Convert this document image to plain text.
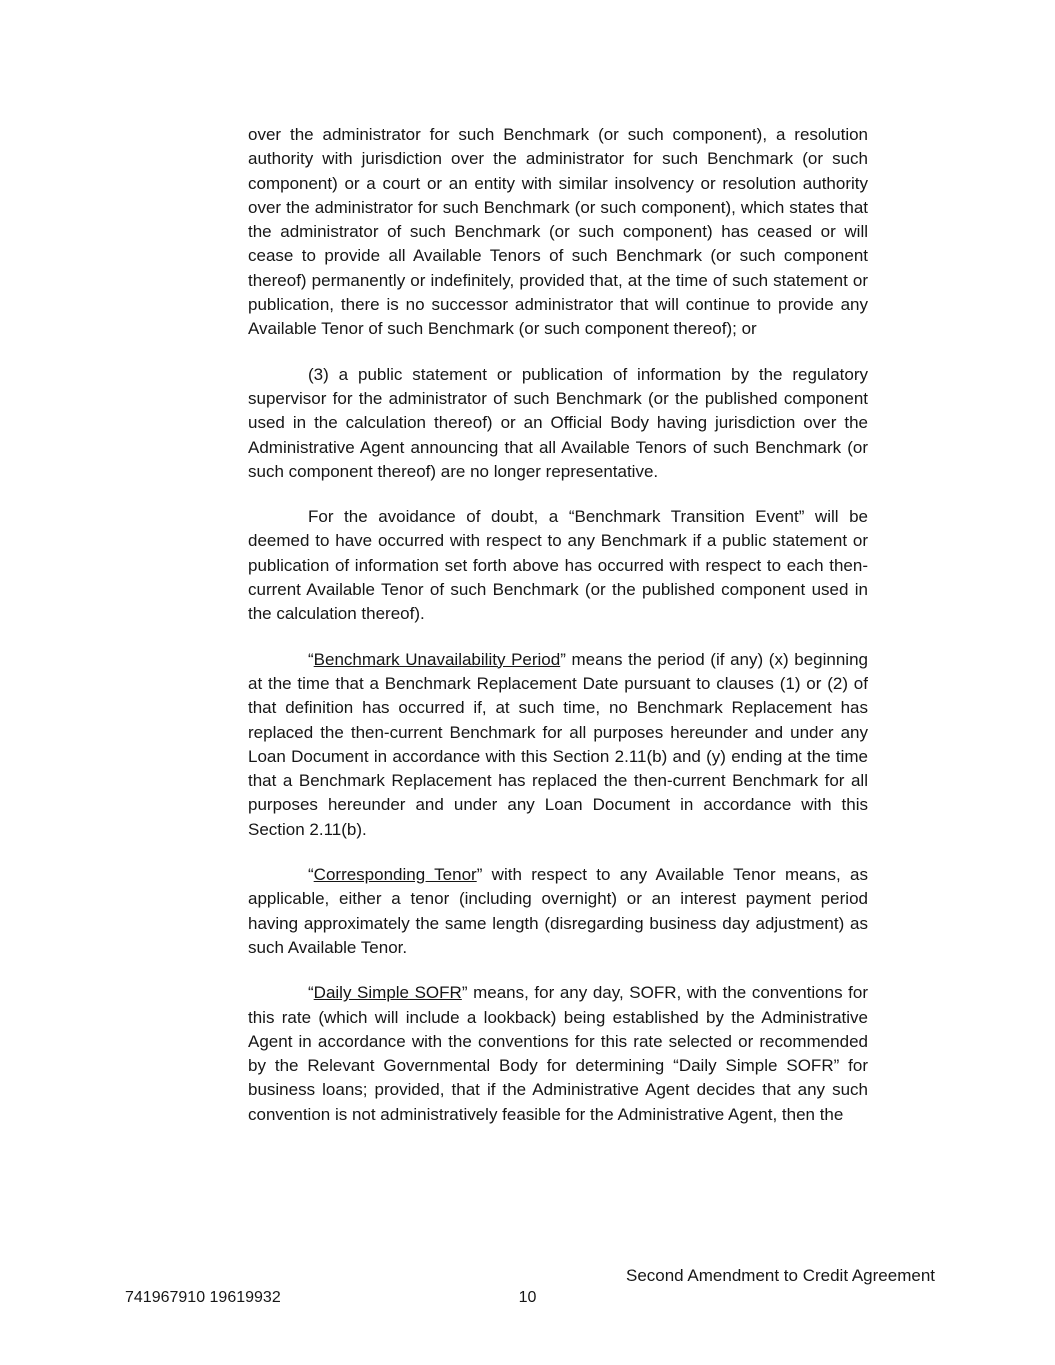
over the administrator for such Benchmark (or such component), a resolution authority with jurisdiction over the administrator for such Benchmark (or such component) or a court or an entity with similar insolvency or resolution authority over the administrator for such Benchmark (or such component), which states that the administrator of such Benchmark (or such component) has ceased or will cease to provide all Available Tenors of such Benchmark (or such component thereof) permanently or indefinitely, provided that, at the time of such statement or publication, there is no successor administrator that will continue to provide any Available Tenor of such Benchmark (or such component thereof); or

(3) a public statement or publication of information by the regulatory supervisor for the administrator of such Benchmark (or the published component used in the calculation thereof) or an Official Body having jurisdiction over the Administrative Agent announcing that all Available Tenors of such Benchmark (or such component thereof) are no longer representative.

For the avoidance of doubt, a “Benchmark Transition Event” will be deemed to have occurred with respect to any Benchmark if a public statement or publication of information set forth above has occurred with respect to each then-current Available Tenor of such Benchmark (or the published component used in the calculation thereof).

“Benchmark Unavailability Period” means the period (if any) (x) beginning at the time that a Benchmark Replacement Date pursuant to clauses (1) or (2) of that definition has occurred if, at such time, no Benchmark Replacement has replaced the then-current Benchmark for all purposes hereunder and under any Loan Document in accordance with this Section 2.11(b) and (y) ending at the time that a Benchmark Replacement has replaced the then-current Benchmark for all purposes hereunder and under any Loan Document in accordance with this Section 2.11(b).

“Corresponding Tenor” with respect to any Available Tenor means, as applicable, either a tenor (including overnight) or an interest payment period having approximately the same length (disregarding business day adjustment) as such Available Tenor.

“Daily Simple SOFR” means, for any day, SOFR, with the conventions for this rate (which will include a lookback) being established by the Administrative Agent in accordance with the conventions for this rate selected or recommended by the Relevant Governmental Body for determining “Daily Simple SOFR” for business loans; provided, that if the Administrative Agent decides that any such convention is not administratively feasible for the Administrative Agent, then the

Second Amendment to Credit Agreement
741967910 19619932	10
